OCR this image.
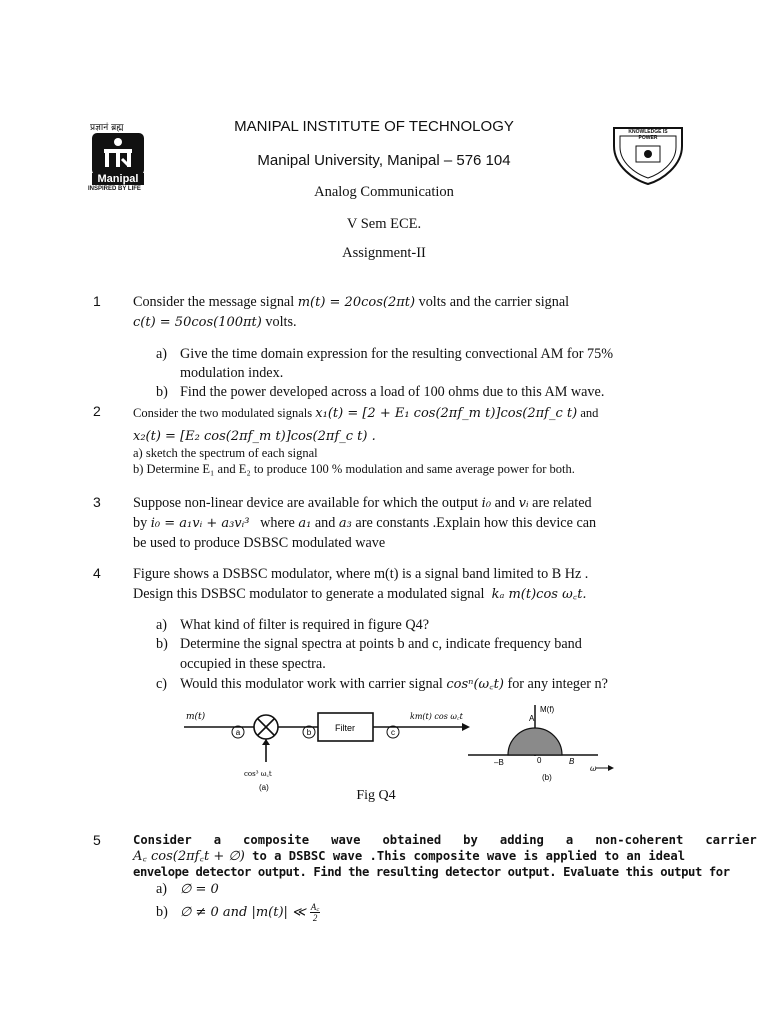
प्रज्ञानं ब्रह्म
Manipal
INSPIRED BY LIFE
MANIPAL INSTITUTE OF TECHNOLOGY
Manipal University, Manipal – 576 104
Analog Communication
V Sem ECE.
Assignment-II
KNOWLEDGE IS POWER
1 Consider the message signal m(t) = 20cos(2πt) volts and the carrier signal
c(t) = 50cos(100πt) volts.
a) Give the time domain expression for the resulting convectional AM for 75%
modulation index.
b) Find the power developed across a load of 100 ohms due to this AM wave.
2	Consider the two modulated signals x₁(t) = [2 + E₁ cos(2πf_m t)]cos(2πf_c t) and
x₂(t) = [E₂ cos(2πf_m t)]cos(2πf_c t) .
a) sketch the spectrum of each signal
b) Determine E₁ and E₂ to produce 100 % modulation and same average power for both.
3 Suppose non-linear device are available for which the output i₀ and vᵢ are related
by i₀ = a₁vᵢ + a₃vᵢ³   where a₁ and a₃ are constants .Explain how this device can
be used to produce DSBSC modulated wave
4 Figure shows a DSBSC modulator, where m(t) is a signal band limited to B Hz .
Design this DSBSC modulator to generate a modulated signal  kₐ m(t)cos ω꜀t.
a) What kind of filter is required in figure Q4?
b) Determine the signal spectra at points b and c, indicate frequency band
occupied in these spectra.
c) Would this modulator work with carrier signal cosⁿ(ω꜀t) for any integer n?
a	b	c
m(t)
Filter
km(t) cos ω꜀t
cos³ ω꜀t
(a)
M(f)
A
–B	0	B
ω
(b)
Fig Q4
5	Consider   a   composite   wave   obtained   by   adding   a   non-coherent   carrier
A꜀ cos(2πf꜀t + ∅) to a DSBSC wave .This composite wave is applied to an ideal
envelope detector output. Find the resulting detector output. Evaluate this output for
a) ∅ = 0
b) ∅ ≠ 0 and |m(t)| ≪ $\frac{A꜀}{2}$
